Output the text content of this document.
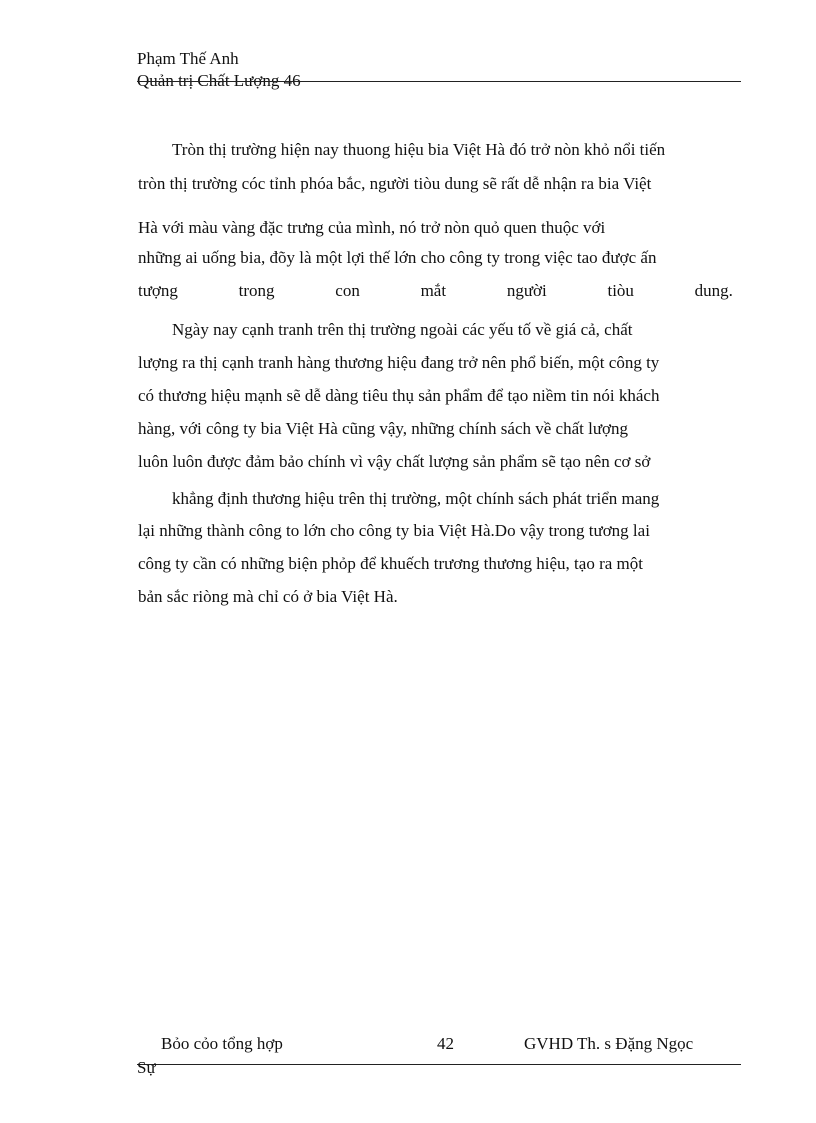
Phạm Thế Anh

Quản trị Chất Lượng 46

Tròn thị trường hiện nay thuong hiệu bia Việt Hà đó trở nòn khỏ nổi tiến

tròn thị trường cóc tỉnh phóa bắc, người tiòu dung sẽ rất dễ nhận ra bia Việt

Hà với màu vàng đặc trưng của mình, nó trở nòn quỏ quen thuộc với

những ai uống bia, đõy là một lợi thế lớn cho công ty trong việc tao được ấn

tượng	trong	con	mắt	người	tiòu	dung.

Ngày nay cạnh tranh trên thị trường ngoài các yếu tố về giá cả, chất

lượng ra thị cạnh tranh hàng thương hiệu đang trở nên phổ biến, một công ty

có thương hiệu mạnh sẽ dễ dàng tiêu thụ sản phẩm để tạo niềm tin nói khách

hàng, với công ty bia Việt Hà cũng vậy, những chính sách về chất lượng

luôn luôn được đảm bảo chính vì vậy chất lượng sản phẩm sẽ tạo nên cơ sở

khẳng định thương hiệu trên thị trường, một chính sách phát triển mang

lại những thành công to lớn cho công ty bia Việt Hà.Do vậy trong tương lai

công ty cần có những biện phỏp để khuếch trương thương hiệu, tạo ra một

bản sắc riòng mà chỉ có ở bia Việt Hà.

Bỏo cỏo tổng hợp	42	GVHD Th. s Đặng Ngọc
Sự
